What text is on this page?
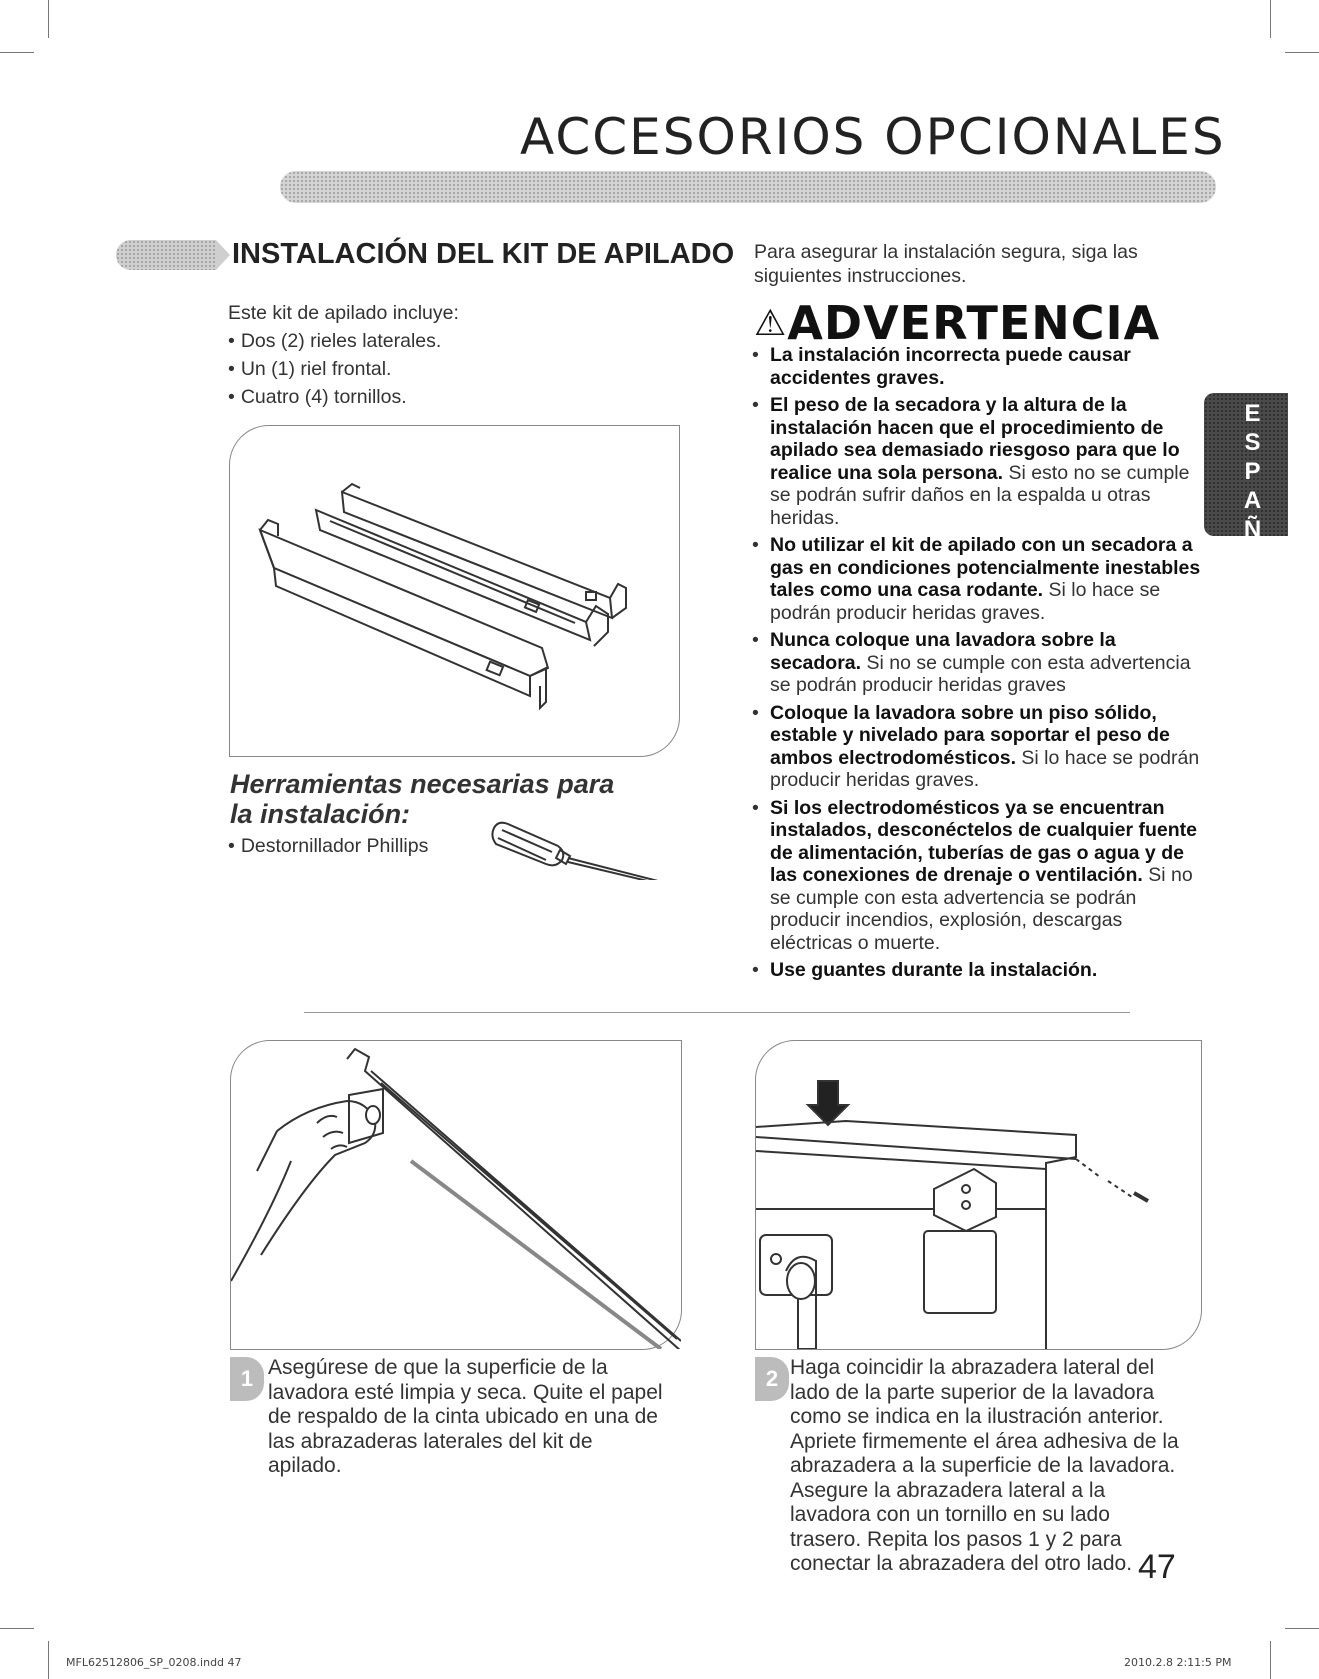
ACCESORIOS OPCIONALES
INSTALACIÓN DEL KIT DE APILADO
Este kit de apilado incluye:
• Dos (2) rieles laterales.
• Un (1) riel frontal.
• Cuatro (4) tornillos.
Herramientas necesarias para la instalación:
• Destornillador Phillips
Para asegurar la instalación segura, siga las siguientes instrucciones.
⚠ADVERTENCIA
• La instalación incorrecta puede causar accidentes graves.
• El peso de la secadora y la altura de la instalación hacen que el procedimiento de apilado sea demasiado riesgoso para que lo realice una sola persona. Si esto no se cumple se podrán sufrir daños en la espalda u otras heridas.
• No utilizar el kit de apilado con un secadora a gas en condiciones potencialmente inestables tales como una casa rodante. Si lo hace se podrán producir heridas graves.
• Nunca coloque una lavadora sobre la secadora. Si no se cumple con esta advertencia se podrán producir heridas graves
• Coloque la lavadora sobre un piso sólido, estable y nivelado para soportar el peso de ambos electrodomésticos. Si lo hace se podrán producir heridas graves.
• Si los electrodomésticos ya se encuentran instalados, desconéctelos de cualquier fuente de alimentación, tuberías de gas o agua y de las conexiones de drenaje o ventilación. Si no se cumple con esta advertencia se podrán producir incendios, explosión, descargas eléctricas o muerte.
• Use guantes durante la instalación.
ESPAÑOL
1 Asegúrese de que la superficie de la lavadora esté limpia y seca. Quite el papel de respaldo de la cinta ubicado en una de las abrazaderas laterales del kit de apilado.
2 Haga coincidir la abrazadera lateral del lado de la parte superior de la lavadora como se indica en la ilustración anterior. Apriete firmemente el área adhesiva de la abrazadera a la superficie de la lavadora. Asegure la abrazadera lateral a la lavadora con un tornillo en su lado trasero. Repita los pasos 1 y 2 para conectar la abrazadera del otro lado. 47
MFL62512806_SP_0208.indd 47	2010.2.8 2:11:5 PM
